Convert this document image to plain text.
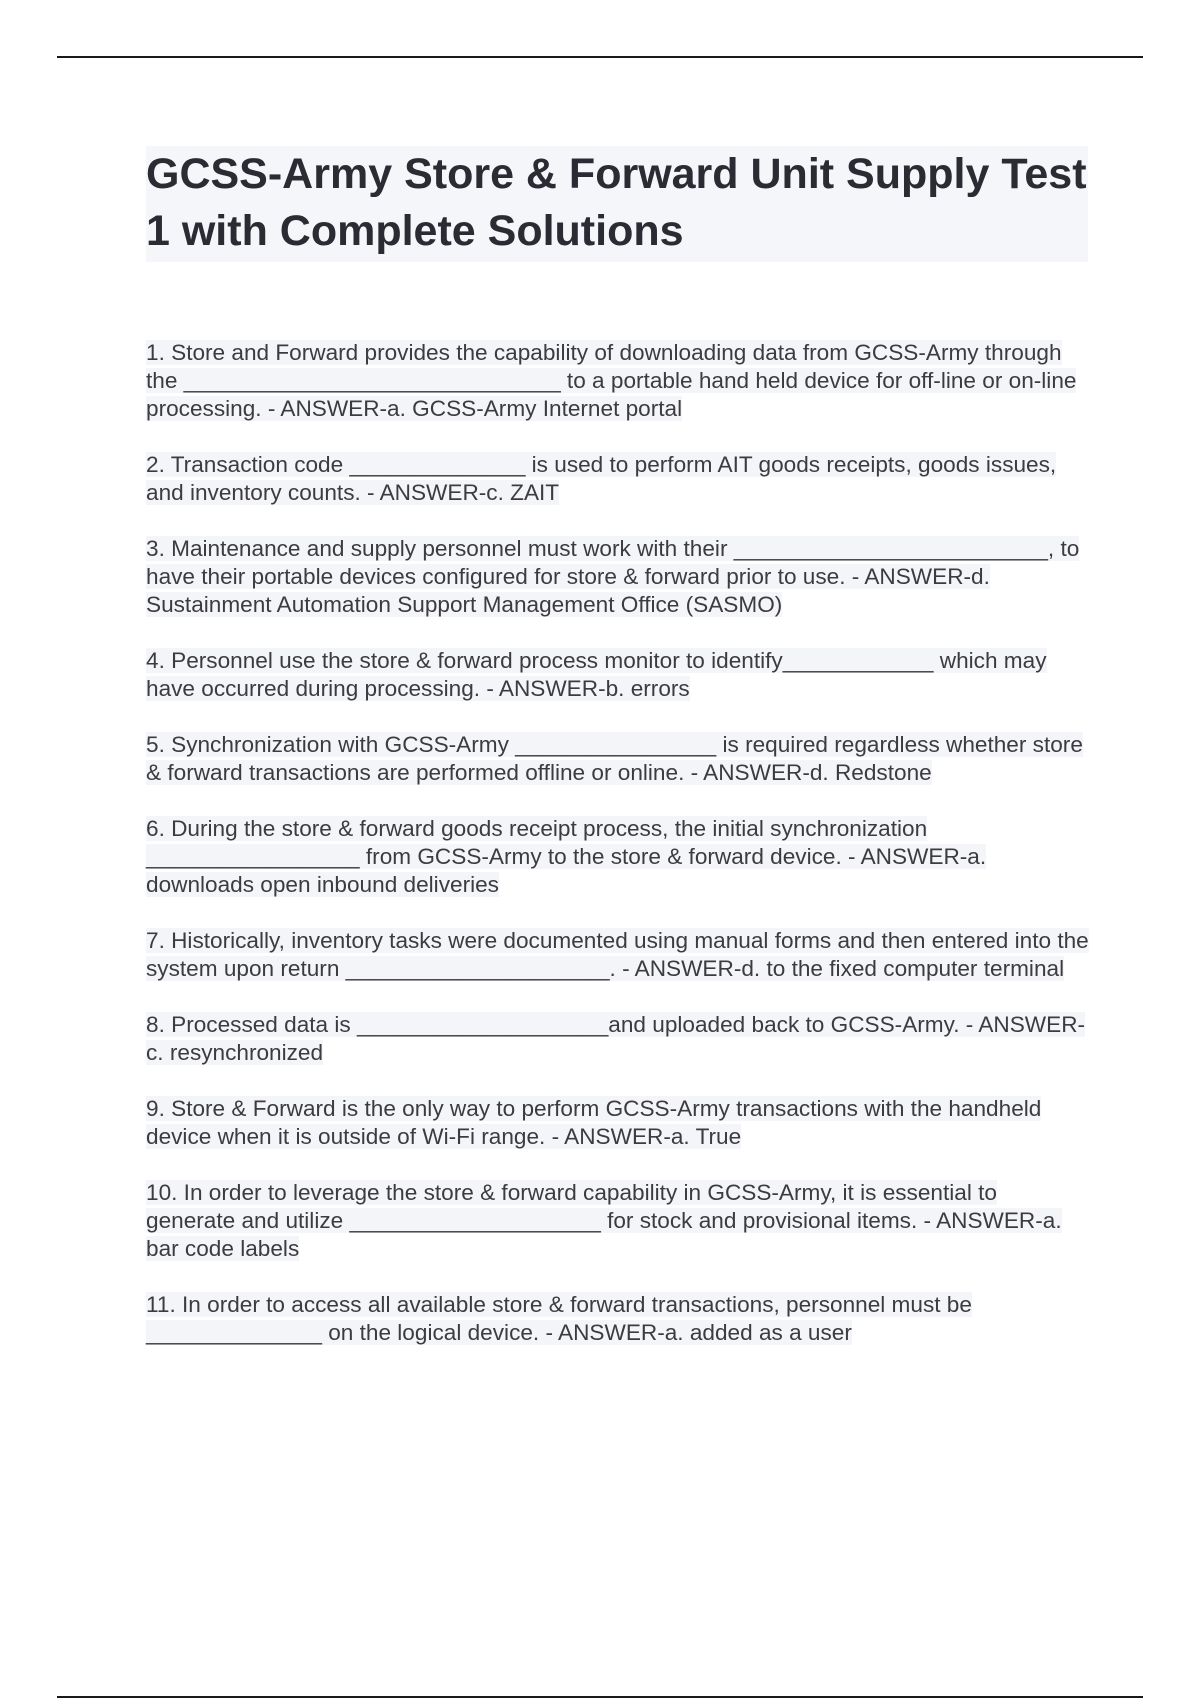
GCSS-Army Store & Forward Unit Supply Test 1 with Complete Solutions

1. Store and Forward provides the capability of downloading data from GCSS-Army through the ______________________________ to a portable hand held device for off-line or on-line processing. - ANSWER-a. GCSS-Army Internet portal

2. Transaction code ______________ is used to perform AIT goods receipts, goods issues, and inventory counts. - ANSWER-c. ZAIT

3. Maintenance and supply personnel must work with their _________________________, to have their portable devices configured for store & forward prior to use. - ANSWER-d. Sustainment Automation Support Management Office (SASMO)

4. Personnel use the store & forward process monitor to identify____________ which may have occurred during processing. - ANSWER-b. errors

5. Synchronization with GCSS-Army ________________ is required regardless whether store & forward transactions are performed offline or online. - ANSWER-d. Redstone

6. During the store & forward goods receipt process, the initial synchronization _________________ from GCSS-Army to the store & forward device. - ANSWER-a. downloads open inbound deliveries

7. Historically, inventory tasks were documented using manual forms and then entered into the system upon return _____________________. - ANSWER-d. to the fixed computer terminal

8. Processed data is ____________________and uploaded back to GCSS-Army. - ANSWER-c. resynchronized

9. Store & Forward is the only way to perform GCSS-Army transactions with the handheld device when it is outside of Wi-Fi range. - ANSWER-a. True

10. In order to leverage the store & forward capability in GCSS-Army, it is essential to generate and utilize ____________________ for stock and provisional items. - ANSWER-a. bar code labels

11. In order to access all available store & forward transactions, personnel must be ______________ on the logical device. - ANSWER-a. added as a user
